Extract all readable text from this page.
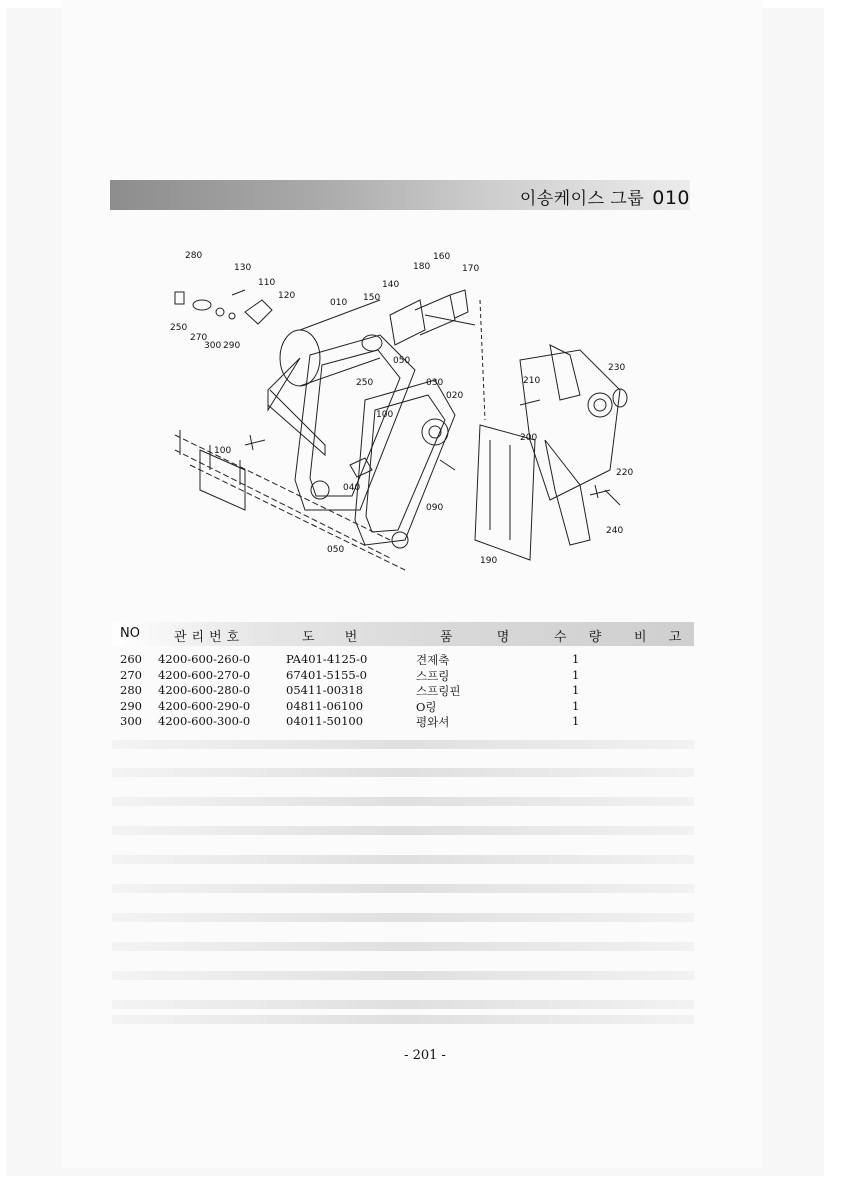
이송케이스 그룹 010
280
130
110
120
010 150
140
180
160
170
250
270
300 290
050
250	030
020
100
100
040
050
090
210
230
200
220
240
190
NO	관리번호	도 번	품 명	수 량	비 고
260 4200-600-260-0	PA401-4125-0	견제축	1
270 4200-600-270-0	67401-5155-0	스프링	1
280 4200-600-280-0	05411-00318	스프링핀	1
290 4200-600-290-0	04811-06100	O링	1
300 4200-600-300-0	04011-50100	평와셔	1
- 201 -
